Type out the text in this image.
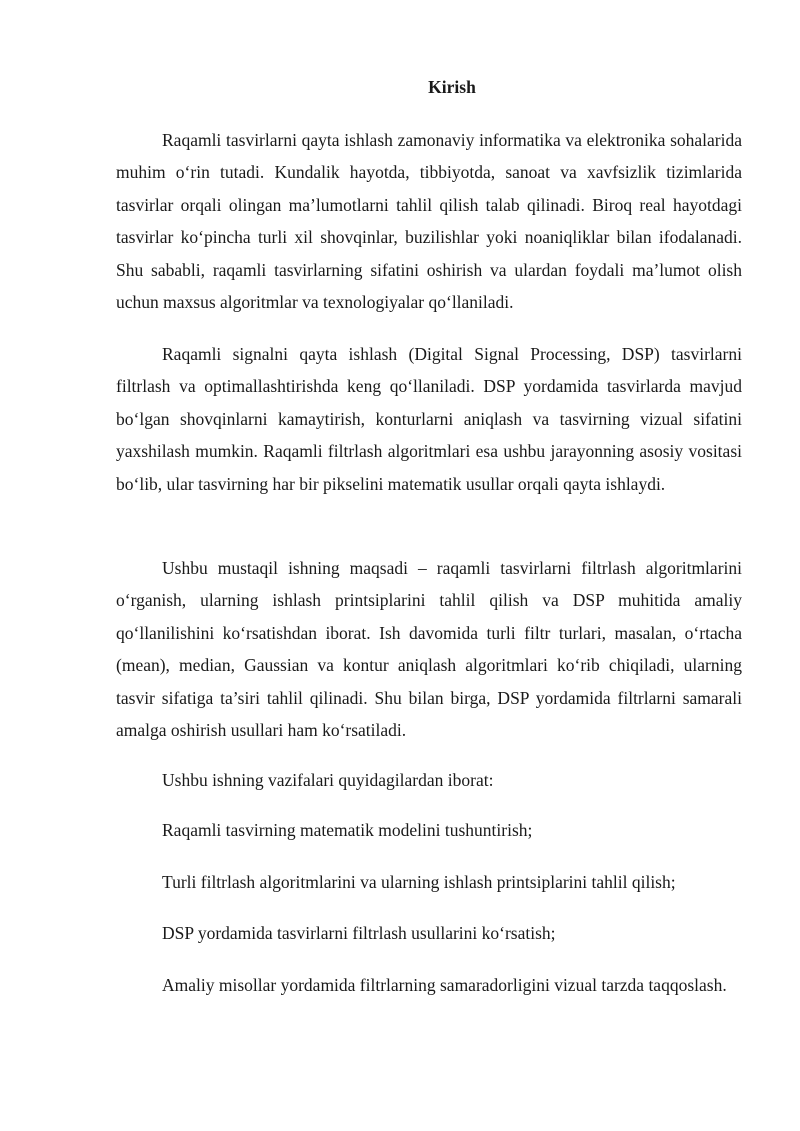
Kirish

Raqamli tasvirlarni qayta ishlash zamonaviy informatika va elektronika sohalarida muhim o‘rin tutadi. Kundalik hayotda, tibbiyotda, sanoat va xavfsizlik tizimlarida tasvirlar orqali olingan ma’lumotlarni tahlil qilish talab qilinadi. Biroq real hayotdagi tasvirlar ko‘pincha turli xil shovqinlar, buzilishlar yoki noaniqliklar bilan ifodalanadi. Shu sababli, raqamli tasvirlarning sifatini oshirish va ulardan foydali ma’lumot olish uchun maxsus algoritmlar va texnologiyalar qo‘llaniladi.

Raqamli signalni qayta ishlash (Digital Signal Processing, DSP) tasvirlarni filtrlash va optimallashtirishda keng qo‘llaniladi. DSP yordamida tasvirlarda mavjud bo‘lgan shovqinlarni kamaytirish, konturlarni aniqlash va tasvirning vizual sifatini yaxshilash mumkin. Raqamli filtrlash algoritmlari esa ushbu jarayonning asosiy vositasi bo‘lib, ular tasvirning har bir pikselini matematik usullar orqali qayta ishlaydi.

Ushbu mustaqil ishning maqsadi – raqamli tasvirlarni filtrlash algoritmlarini o‘rganish, ularning ishlash printsiplarini tahlil qilish va DSP muhitida amaliy qo‘llanilishini ko‘rsatishdan iborat. Ish davomida turli filtr turlari, masalan, o‘rtacha (mean), median, Gaussian va kontur aniqlash algoritmlari ko‘rib chiqiladi, ularning tasvir sifatiga ta’siri tahlil qilinadi. Shu bilan birga, DSP yordamida filtrlarni samarali amalga oshirish usullari ham ko‘rsatiladi.

Ushbu ishning vazifalari quyidagilardan iborat:

Raqamli tasvirning matematik modelini tushuntirish;

Turli filtrlash algoritmlarini va ularning ishlash printsiplarini tahlil qilish;

DSP yordamida tasvirlarni filtrlash usullarini ko‘rsatish;

Amaliy misollar yordamida filtrlarning samaradorligini vizual tarzda taqqoslash.
